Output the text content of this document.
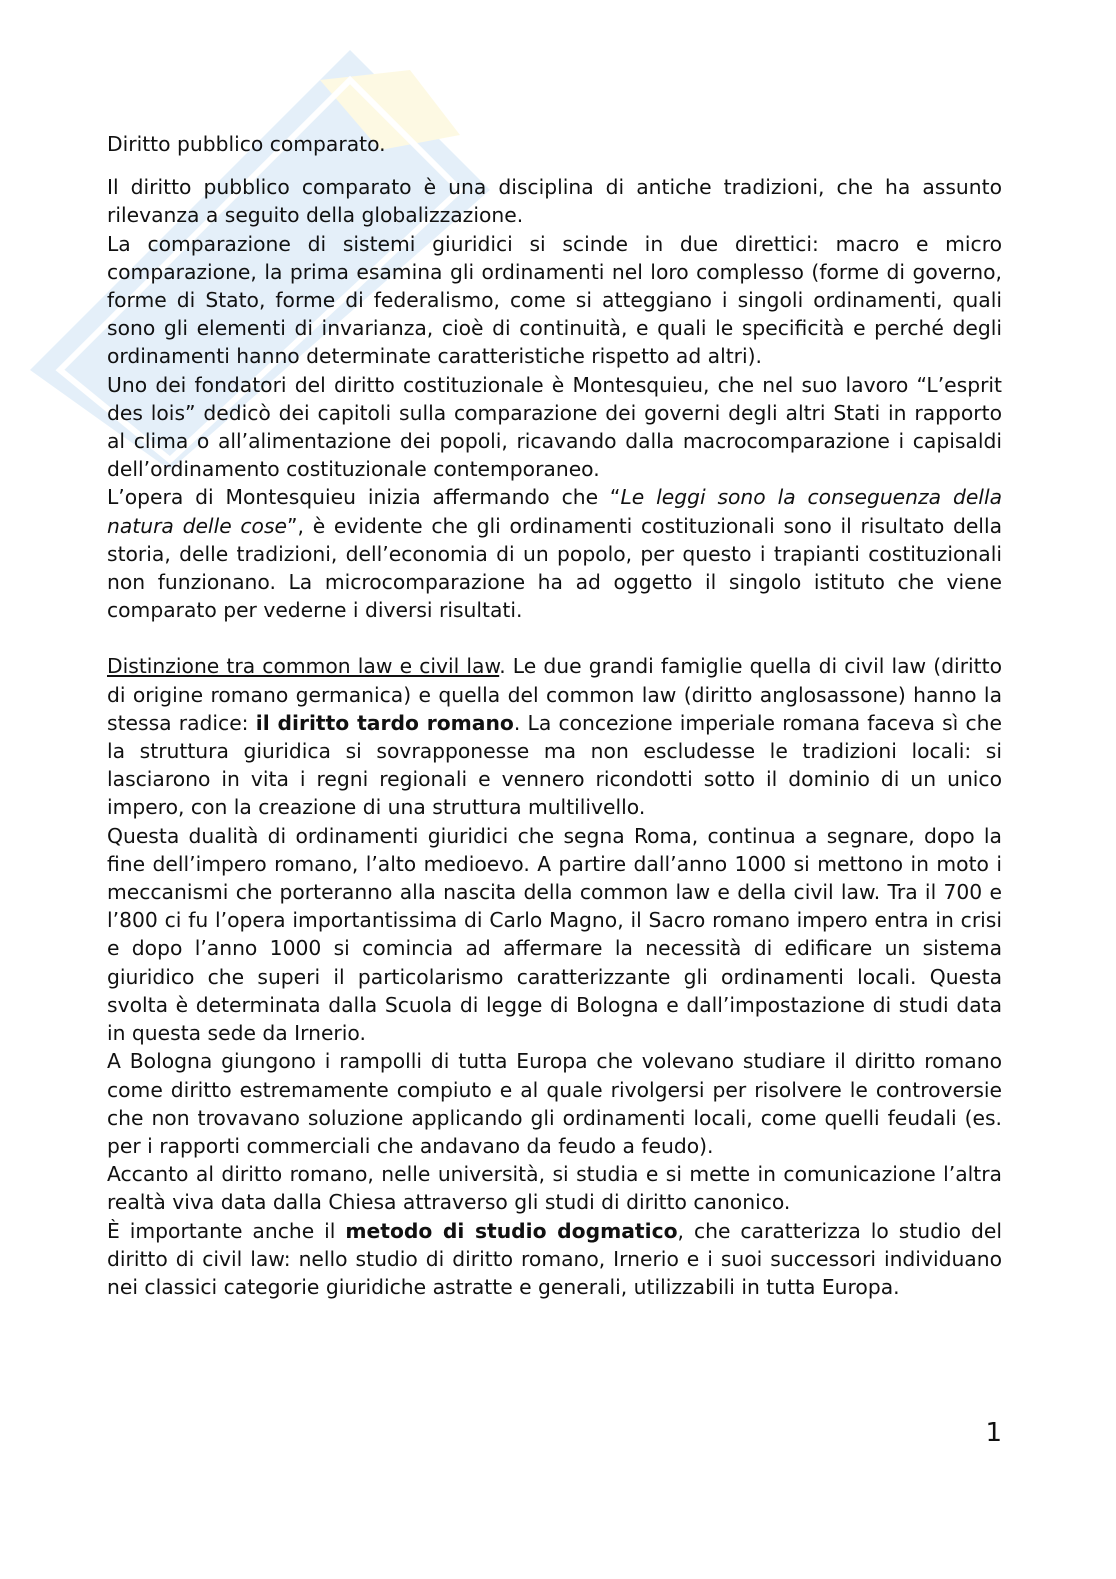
Diritto pubblico comparato.

Il diritto pubblico comparato è una disciplina di antiche tradizioni, che ha assunto rilevanza a seguito della globalizzazione.

La comparazione di sistemi giuridici si scinde in due direttici: macro e micro comparazione, la prima esamina gli ordinamenti nel loro complesso (forme di governo, forme di Stato, forme di federalismo, come si atteggiano i singoli ordinamenti, quali sono gli elementi di invarianza, cioè di continuità, e quali le specificità e perché degli ordinamenti hanno determinate caratteristiche rispetto ad altri).

Uno dei fondatori del diritto costituzionale è Montesquieu, che nel suo lavoro “L’esprit des lois” dedicò dei capitoli sulla comparazione dei governi degli altri Stati in rapporto al clima o all’alimentazione dei popoli, ricavando dalla macrocomparazione i capisaldi dell’ordinamento costituzionale contemporaneo.

L’opera di Montesquieu inizia affermando che “Le leggi sono la conseguenza della natura delle cose”, è evidente che gli ordinamenti costituzionali sono il risultato della storia, delle tradizioni, dell’economia di un popolo, per questo i trapianti costituzionali non funzionano. La microcomparazione ha ad oggetto il singolo istituto che viene comparato per vederne i diversi risultati.

Distinzione tra common law e civil law. Le due grandi famiglie quella di civil law (diritto di origine romano germanica) e quella del common law (diritto anglosassone) hanno la stessa radice: il diritto tardo romano. La concezione imperiale romana faceva sì che la struttura giuridica si sovrapponesse ma non escludesse le tradizioni locali: si lasciarono in vita i regni regionali e vennero ricondotti sotto il dominio di un unico impero, con la creazione di una struttura multilivello.

Questa dualità di ordinamenti giuridici che segna Roma, continua a segnare, dopo la fine dell’impero romano, l’alto medioevo. A partire dall’anno 1000 si mettono in moto i meccanismi che porteranno alla nascita della common law e della civil law. Tra il 700 e l’800 ci fu l’opera importantissima di Carlo Magno, il Sacro romano impero entra in crisi e dopo l’anno 1000 si comincia ad affermare la necessità di edificare un sistema giuridico che superi il particolarismo caratterizzante gli ordinamenti locali. Questa svolta è determinata dalla Scuola di legge di Bologna e dall’impostazione di studi data in questa sede da Irnerio.

A Bologna giungono i rampolli di tutta Europa che volevano studiare il diritto romano come diritto estremamente compiuto e al quale rivolgersi per risolvere le controversie che non trovavano soluzione applicando gli ordinamenti locali, come quelli feudali (es. per i rapporti commerciali che andavano da feudo a feudo).

Accanto al diritto romano, nelle università, si studia e si mette in comunicazione l’altra realtà viva data dalla Chiesa attraverso gli studi di diritto canonico.

È importante anche il metodo di studio dogmatico, che caratterizza lo studio del diritto di civil law: nello studio di diritto romano, Irnerio e i suoi successori individuano nei classici categorie giuridiche astratte e generali, utilizzabili in tutta Europa.

1
